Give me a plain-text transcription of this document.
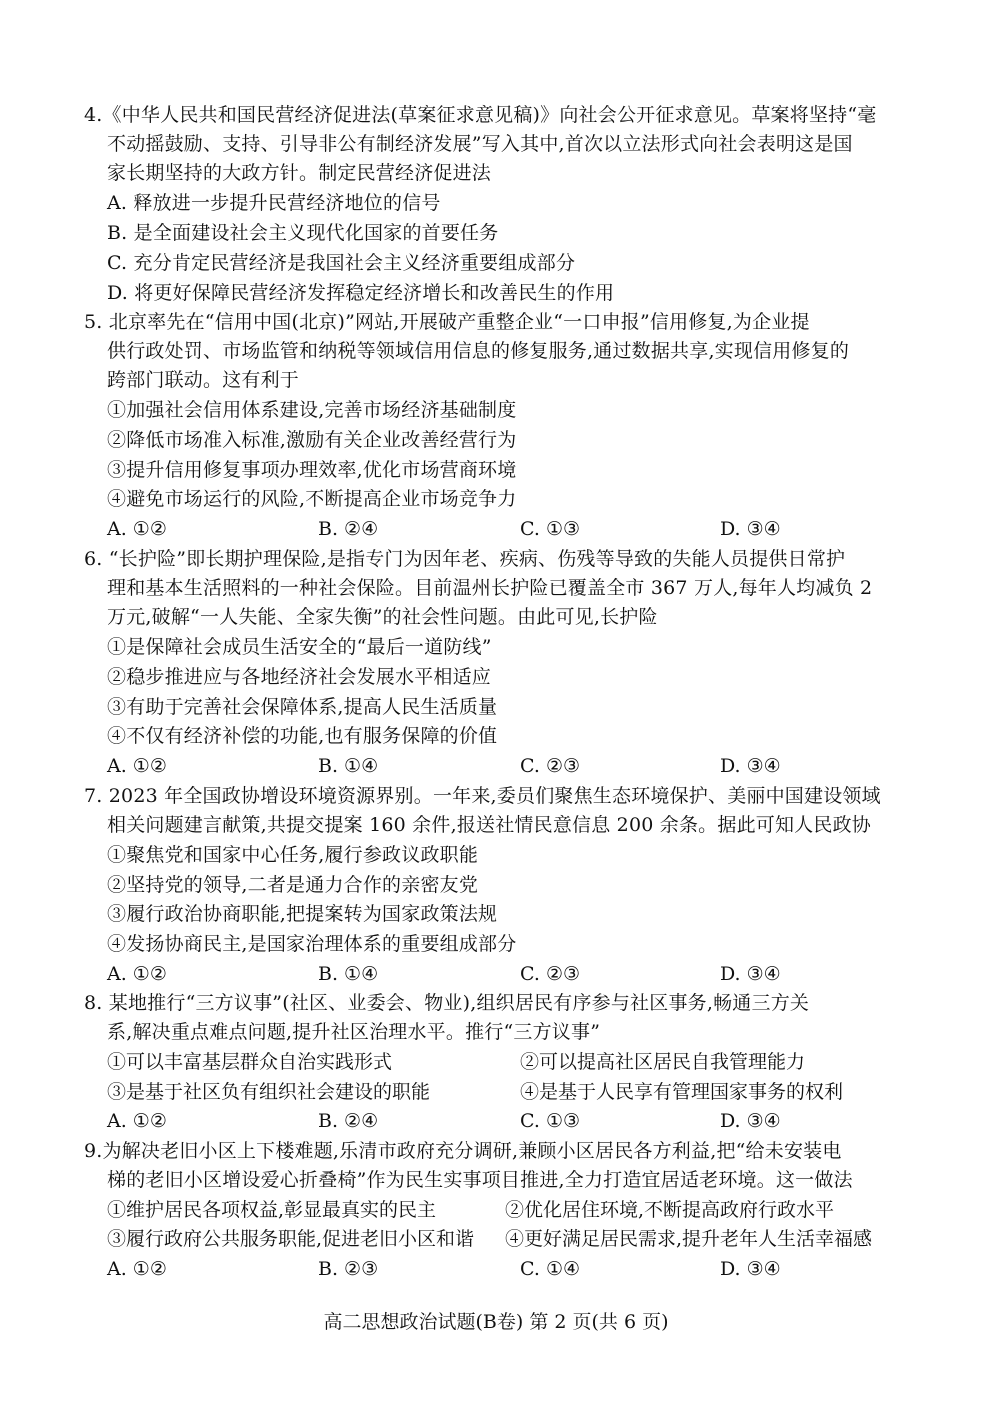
4.《中华人民共和国民营经济促进法(草案征求意见稿)》向社会公开征求意见。草案将坚持“毫
不动摇鼓励、支持、引导非公有制经济发展”写入其中,首次以立法形式向社会表明这是国
家长期坚持的大政方针。制定民营经济促进法
A. 释放进一步提升民营经济地位的信号
B. 是全面建设社会主义现代化国家的首要任务
C. 充分肯定民营经济是我国社会主义经济重要组成部分
D. 将更好保障民营经济发挥稳定经济增长和改善民生的作用
5. 北京率先在“信用中国(北京)”网站,开展破产重整企业“一口申报”信用修复,为企业提
供行政处罚、市场监管和纳税等领域信用信息的修复服务,通过数据共享,实现信用修复的
跨部门联动。这有利于
①加强社会信用体系建设,完善市场经济基础制度
②降低市场准入标准,激励有关企业改善经营行为
③提升信用修复事项办理效率,优化市场营商环境
④避免市场运行的风险,不断提高企业市场竞争力
A. ①②	B. ②④	C. ①③	D. ③④
6. “长护险”即长期护理保险,是指专门为因年老、疾病、伤残等导致的失能人员提供日常护
理和基本生活照料的一种社会保险。目前温州长护险已覆盖全市 367 万人,每年人均减负 2
万元,破解“一人失能、全家失衡”的社会性问题。由此可见,长护险
①是保障社会成员生活安全的“最后一道防线”
②稳步推进应与各地经济社会发展水平相适应
③有助于完善社会保障体系,提高人民生活质量
④不仅有经济补偿的功能,也有服务保障的价值
A. ①②	B. ①④	C. ②③	D. ③④
7. 2023 年全国政协增设环境资源界别。一年来,委员们聚焦生态环境保护、美丽中国建设领域
相关问题建言献策,共提交提案 160 余件,报送社情民意信息 200 余条。据此可知人民政协
①聚焦党和国家中心任务,履行参政议政职能
②坚持党的领导,二者是通力合作的亲密友党
③履行政治协商职能,把提案转为国家政策法规
④发扬协商民主,是国家治理体系的重要组成部分
A. ①②	B. ①④	C. ②③	D. ③④
8. 某地推行“三方议事”(社区、业委会、物业),组织居民有序参与社区事务,畅通三方关
系,解决重点难点问题,提升社区治理水平。推行“三方议事”
①可以丰富基层群众自治实践形式	②可以提高社区居民自我管理能力
③是基于社区负有组织社会建设的职能	④是基于人民享有管理国家事务的权利
A. ①②	B. ②④	C. ①③	D. ③④
9.为解决老旧小区上下楼难题,乐清市政府充分调研,兼顾小区居民各方利益,把“给未安装电
梯的老旧小区增设爱心折叠椅”作为民生实事项目推进,全力打造宜居适老环境。这一做法
①维护居民各项权益,彰显最真实的民主	②优化居住环境,不断提高政府行政水平
③履行政府公共服务职能,促进老旧小区和谐 ④更好满足居民需求,提升老年人生活幸福感
A. ①②	B. ②③	C. ①④	D. ③④
高二思想政治试题(B卷) 第 2 页(共 6 页)
